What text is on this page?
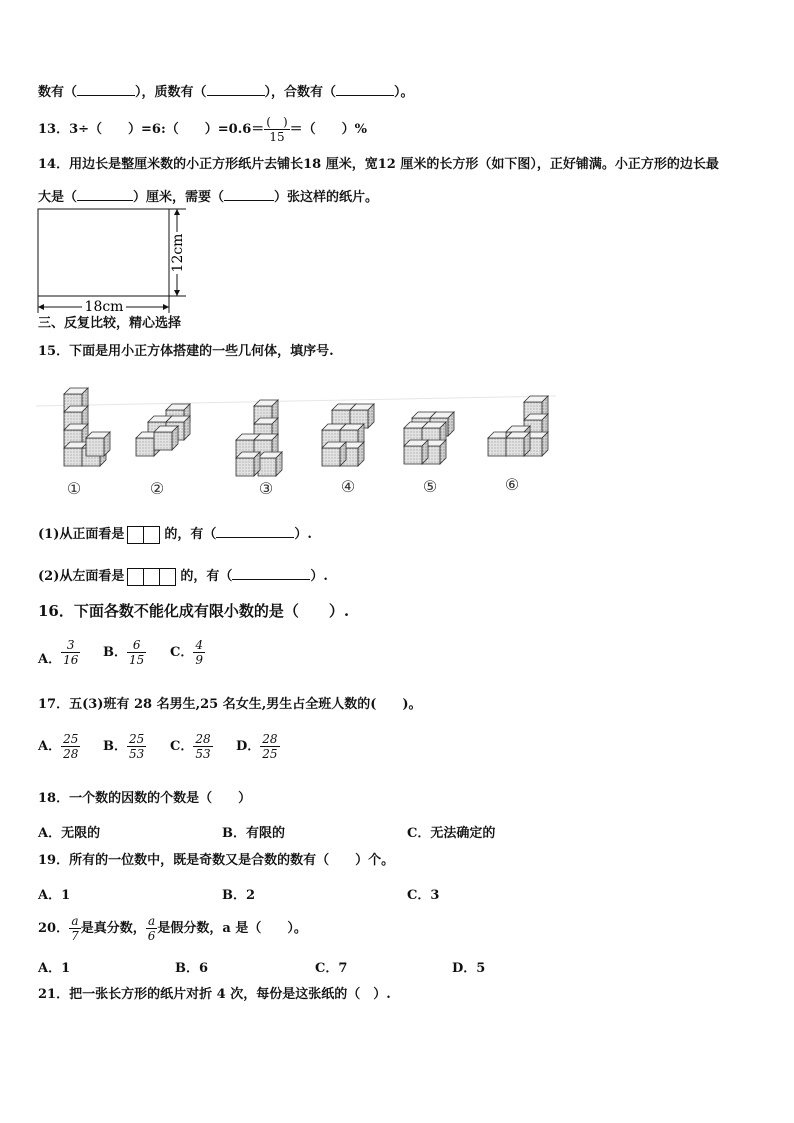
数有（	），质数有（	），合数有（	）。
13．3÷（　　）=6:（　　）$=0.6= \frac{( )}{15}$ ＝（　　）%
14．用边长是整厘米数的小正方形纸片去铺长18 厘米，宽12 厘米的长方形（如下图），正好铺满。小正方形的边长最
大是（	）厘米，需要（	）张这样的纸片。
18cm
12cm
三、反复比较，精心选择
15．下面是用小正方体搭建的一些几何体，填序号.
①	②	③	④	⑤	⑥
(1)从正面看是	的，有（	）.
(2)从左面看是	的，有（	）.
16．下面各数不能化成有限小数的是（　　）.
A． $\frac{3}{16}$ B． $\frac{6}{15}$ C． $\frac{4}{9}$
17．五(3)班有 28 名男生,25 名女生,男生占全班人数的(　　)。
A． $\frac{25}{28}$ B． $\frac{25}{53}$ C． $\frac{28}{53}$ D． $\frac{28}{25}$
18．一个数的因数的个数是（　　）
A．无限的	B．有限的	C．无法确定的
19．所有的一位数中，既是奇数又是合数的数有（　　）个。
A．1	B．2	C．3
20． $\frac{a}{7}$ 是真分数， $\frac{a}{6}$ 是假分数，a 是（　　）。
A．1	B．6	C．7	D．5
21．把一张长方形的纸片对折 4 次，每份是这张纸的（　）.
